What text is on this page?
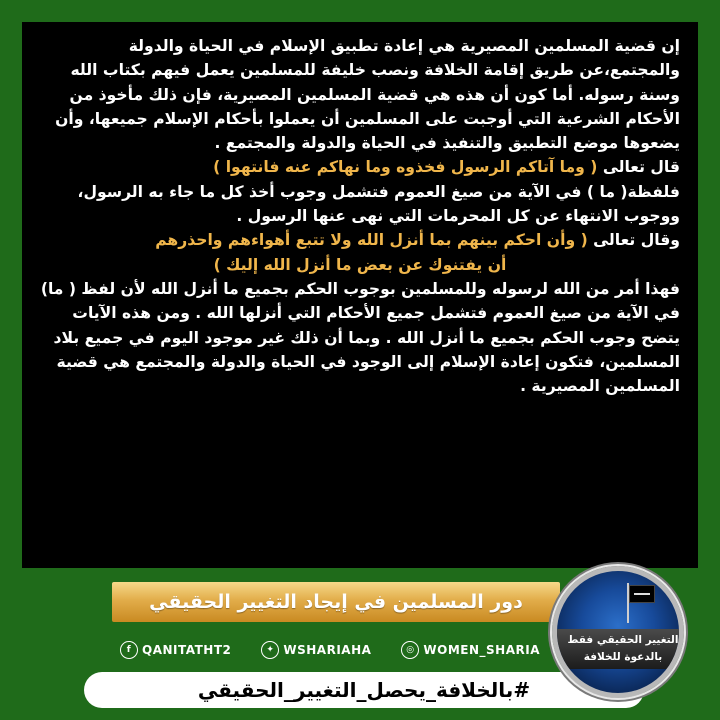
إن قضية المسلمين المصيرية هي إعادة تطبيق الإسلام في الحياة والدولة والمجتمع،عن طريق إقامة الخلافة ونصب خليفة للمسلمين يعمل فيهم بكتاب الله وسنة رسوله. أما كون أن هذه هي قضية المسلمين المصيرية، فإن ذلك مأخوذ من الأحكام الشرعية التي أوجبت على المسلمين أن يعملوا بأحكام الإسلام جميعها، وأن يضعوها موضع التطبيق والتنفيذ في الحياة والدولة والمجتمع .

قال تعالى ( وما آتاكم الرسول فخذوه وما نهاكم عنه فانتهوا )

فلفظة( ما ) في الآية من صيغ العموم فتشمل وجوب أخذ كل ما جاء به الرسول، ووجوب الانتهاء عن كل المحرمات التي نهى عنها الرسول .

وقال تعالى ( وأن احكم بينهم بما أنزل الله ولا تتبع أهواءهم واحذرهم

أن يفتنوك عن بعض ما أنزل الله إليك )

فهذا أمر من الله لرسوله وللمسلمين بوجوب الحكم بجميع ما أنزل الله لأن لفظ ( ما) في الآية من صيغ العموم فتشمل جميع الأحكام التي أنزلها الله . ومن هذه الآيات يتضح وجوب الحكم بجميع ما أنزل الله . وبما أن ذلك غير موجود اليوم في جميع بلاد المسلمين، فتكون إعادة الإسلام إلى الوجود في الحياة والدولة والمجتمع هي قضية المسلمين المصيرية .

دور المسلمين في إيجاد التغيير الحقيقي
f QANITATHT2	✦ WSHARIAHA	◎ WOMEN_SHARIA
#بالخلافة_يحصل_التغيير_الحقيقي
التغيير الحقيقي فقط
بالدعوة للخلافة
